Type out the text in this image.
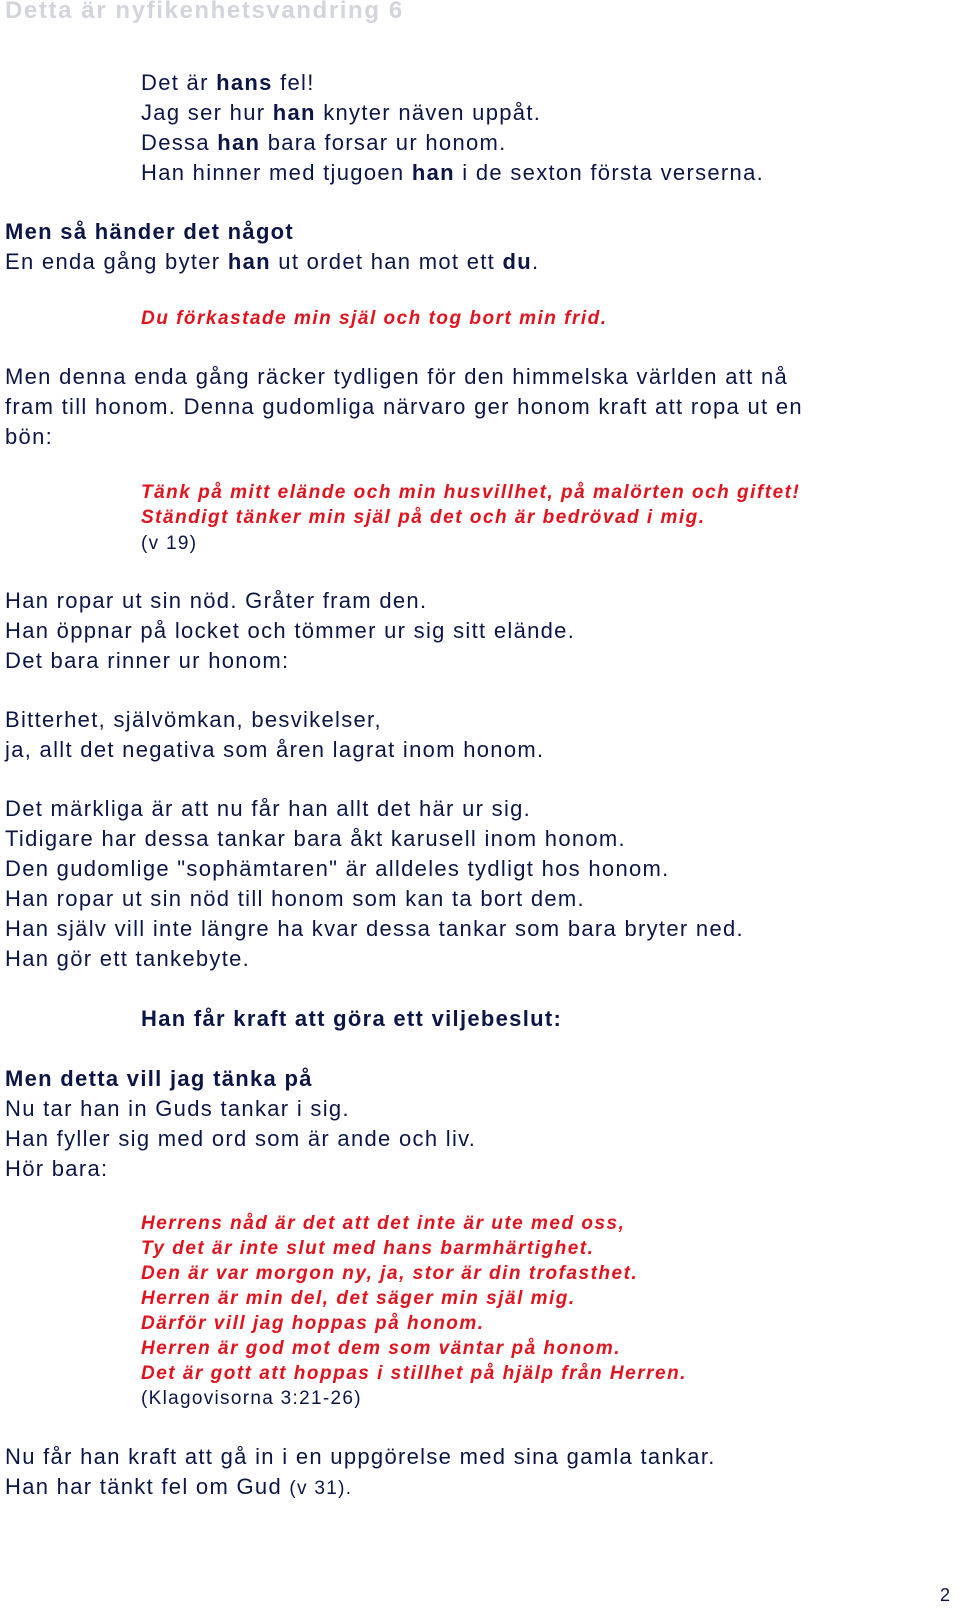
Detta är nyfikenhetsvandring 6
Det är hans fel!
Jag ser hur han knyter näven uppåt.
Dessa han bara forsar ur honom.
Han hinner med tjugoen han i de sexton första verserna.
Men så händer det något
En enda gång byter han ut ordet han mot ett du.
Du förkastade min själ och tog bort min frid.
Men denna enda gång räcker tydligen för den himmelska världen att nå
fram till honom. Denna gudomliga närvaro ger honom kraft att ropa ut en
bön:
Tänk på mitt elände och min husvillhet, på malörten och giftet!
Ständigt tänker min själ på det och är bedrövad i mig.
(v 19)
Han ropar ut sin nöd. Gråter fram den.
Han öppnar på locket och tömmer ur sig sitt elände.
Det bara rinner ur honom:
Bitterhet, självömkan, besvikelser,
ja, allt det negativa som åren lagrat inom honom.
Det märkliga är att nu får han allt det här ur sig.
Tidigare har dessa tankar bara åkt karusell inom honom.
Den gudomlige "sophämtaren" är alldeles tydligt hos honom.
Han ropar ut sin nöd till honom som kan ta bort dem.
Han själv vill inte längre ha kvar dessa tankar som bara bryter ned.
Han gör ett tankebyte.
Han får kraft att göra ett viljebeslut:
Men detta vill jag tänka på
Nu tar han in Guds tankar i sig.
Han fyller sig med ord som är ande och liv.
Hör bara:
Herrens nåd är det att det inte är ute med oss,
Ty det är inte slut med hans barmhärtighet.
Den är var morgon ny, ja, stor är din trofasthet.
Herren är min del, det säger min själ mig.
Därför vill jag hoppas på honom.
Herren är god mot dem som väntar på honom.
Det är gott att hoppas i stillhet på hjälp från Herren.
(Klagovisorna 3:21-26)
Nu får han kraft att gå in i en uppgörelse med sina gamla tankar.
Han har tänkt fel om Gud (v 31).
2
